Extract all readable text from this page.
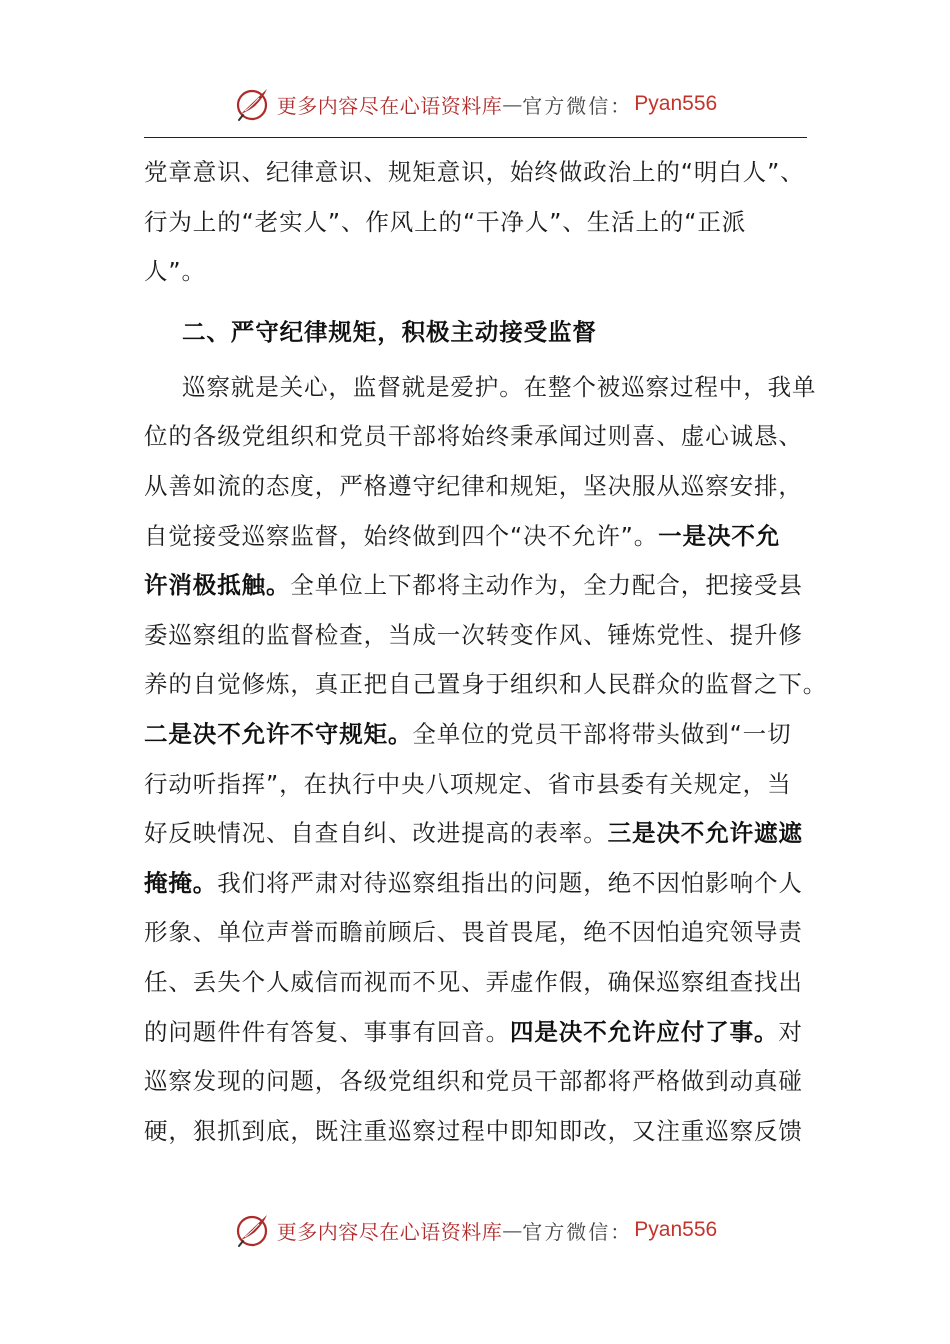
更多内容尽在心语资料库 — 官方微信： Pyan556
党章意识、纪律意识、规矩意识，始终做政治上的“明白人”、
行为上的“老实人”、作风上的“干净人”、生活上的“正派
人”。
二、严守纪律规矩，积极主动接受监督
巡察就是关心，监督就是爱护。在整个被巡察过程中，我单
位的各级党组织和党员干部将始终秉承闻过则喜、虚心诚恳、
从善如流的态度，严格遵守纪律和规矩，坚决服从巡察安排，
自觉接受巡察监督，始终做到四个“决不允许”。一是决不允
许消极抵触。全单位上下都将主动作为，全力配合，把接受县
委巡察组的监督检查，当成一次转变作风、锤炼党性、提升修
养的自觉修炼，真正把自己置身于组织和人民群众的监督之下。
二是决不允许不守规矩。全单位的党员干部将带头做到“一切
行动听指挥”，在执行中央八项规定、省市县委有关规定，当
好反映情况、自查自纠、改进提高的表率。三是决不允许遮遮
掩掩。我们将严肃对待巡察组指出的问题，绝不因怕影响个人
形象、单位声誉而瞻前顾后、畏首畏尾，绝不因怕追究领导责
任、丢失个人威信而视而不见、弄虚作假，确保巡察组查找出
的问题件件有答复、事事有回音。四是决不允许应付了事。对
巡察发现的问题，各级党组织和党员干部都将严格做到动真碰
硬，狠抓到底，既注重巡察过程中即知即改，又注重巡察反馈
更多内容尽在心语资料库 — 官方微信： Pyan556
